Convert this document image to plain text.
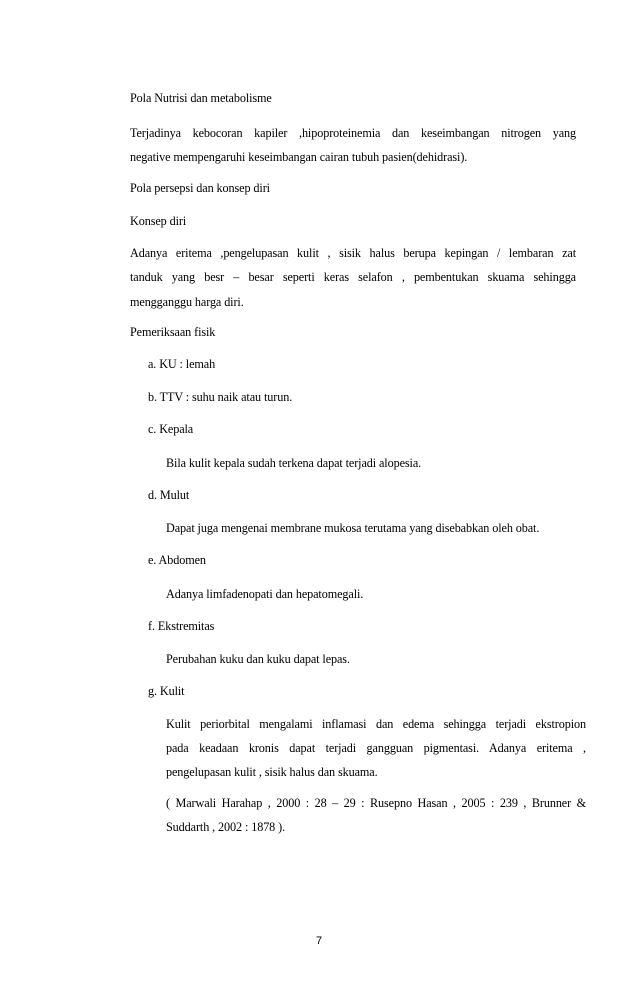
Pola Nutrisi dan metabolisme
Terjadinya kebocoran kapiler ,hipoproteinemia dan keseimbangan nitrogen yang
negative mempengaruhi keseimbangan cairan tubuh pasien(dehidrasi).
Pola persepsi dan konsep diri
Konsep diri
Adanya eritema ,pengelupasan kulit , sisik halus berupa kepingan / lembaran zat
tanduk yang besr – besar seperti keras selafon , pembentukan skuama sehingga
mengganggu harga diri.
Pemeriksaan fisik
a. KU : lemah
b. TTV : suhu naik atau turun.
c. Kepala
Bila kulit kepala sudah terkena dapat terjadi alopesia.
d. Mulut
Dapat juga mengenai membrane mukosa terutama yang disebabkan oleh obat.
e. Abdomen
Adanya limfadenopati dan hepatomegali.
f. Ekstremitas
Perubahan kuku dan kuku dapat lepas.
g. Kulit
Kulit periorbital mengalami inflamasi dan edema sehingga terjadi ekstropion
pada keadaan kronis dapat terjadi gangguan pigmentasi. Adanya eritema ,
pengelupasan kulit , sisik halus dan skuama.
( Marwali Harahap , 2000 : 28 – 29 : Rusepno Hasan , 2005 : 239 , Brunner &
Suddarth , 2002 : 1878 ).
7
